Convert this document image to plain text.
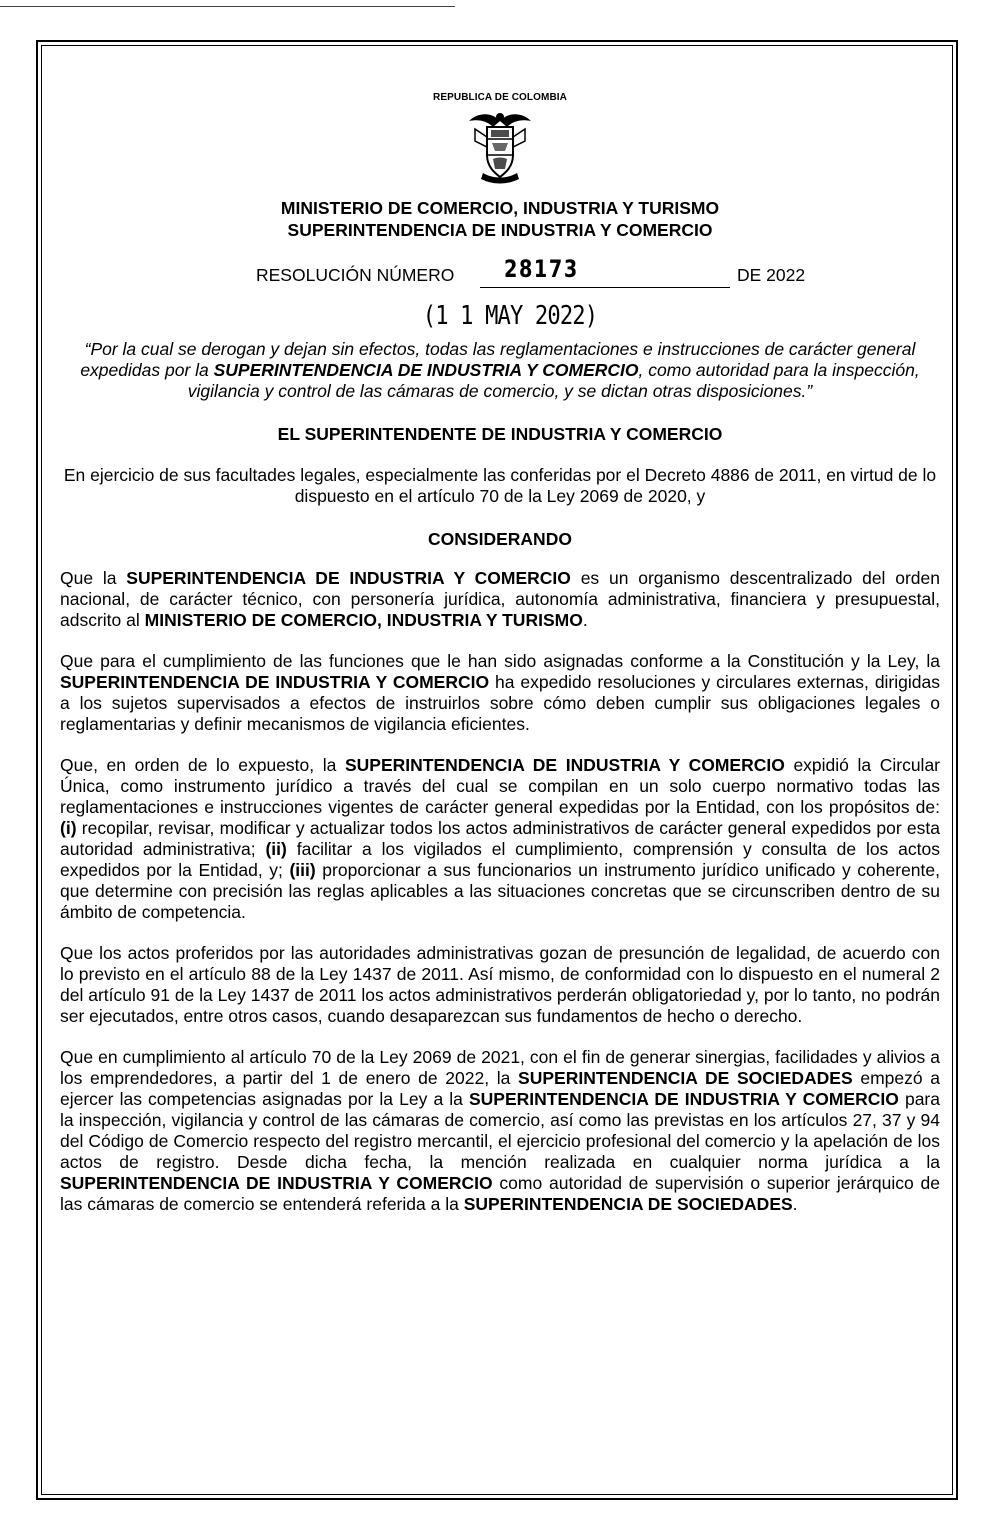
REPUBLICA DE COLOMBIA
MINISTERIO DE COMERCIO, INDUSTRIA Y TURISMO
SUPERINTENDENCIA DE INDUSTRIA Y COMERCIO
RESOLUCIÓN NÚMERO 28173	DE 2022
(1 1 MAY 2022)
“Por la cual se derogan y dejan sin efectos, todas las reglamentaciones e instrucciones de carácter general expedidas por la SUPERINTENDENCIA DE INDUSTRIA Y COMERCIO, como autoridad para la inspección, vigilancia y control de las cámaras de comercio, y se dictan otras disposiciones.”
EL SUPERINTENDENTE DE INDUSTRIA Y COMERCIO
En ejercicio de sus facultades legales, especialmente las conferidas por el Decreto 4886 de 2011, en virtud de lo dispuesto en el artículo 70 de la Ley 2069 de 2020, y
CONSIDERANDO
Que la SUPERINTENDENCIA DE INDUSTRIA Y COMERCIO es un organismo descentralizado del orden nacional, de carácter técnico, con personería jurídica, autonomía administrativa, financiera y presupuestal, adscrito al MINISTERIO DE COMERCIO, INDUSTRIA Y TURISMO.
Que para el cumplimiento de las funciones que le han sido asignadas conforme a la Constitución y la Ley, la SUPERINTENDENCIA DE INDUSTRIA Y COMERCIO ha expedido resoluciones y circulares externas, dirigidas a los sujetos supervisados a efectos de instruirlos sobre cómo deben cumplir sus obligaciones legales o reglamentarias y definir mecanismos de vigilancia eficientes.
Que, en orden de lo expuesto, la SUPERINTENDENCIA DE INDUSTRIA Y COMERCIO expidió la Circular Única, como instrumento jurídico a través del cual se compilan en un solo cuerpo normativo todas las reglamentaciones e instrucciones vigentes de carácter general expedidas por la Entidad, con los propósitos de: (i) recopilar, revisar, modificar y actualizar todos los actos administrativos de carácter general expedidos por esta autoridad administrativa; (ii) facilitar a los vigilados el cumplimiento, comprensión y consulta de los actos expedidos por la Entidad, y; (iii) proporcionar a sus funcionarios un instrumento jurídico unificado y coherente, que determine con precisión las reglas aplicables a las situaciones concretas que se circunscriben dentro de su ámbito de competencia.
Que los actos proferidos por las autoridades administrativas gozan de presunción de legalidad, de acuerdo con lo previsto en el artículo 88 de la Ley 1437 de 2011. Así mismo, de conformidad con lo dispuesto en el numeral 2 del artículo 91 de la Ley 1437 de 2011 los actos administrativos perderán obligatoriedad y, por lo tanto, no podrán ser ejecutados, entre otros casos, cuando desaparezcan sus fundamentos de hecho o derecho.
Que en cumplimiento al artículo 70 de la Ley 2069 de 2021, con el fin de generar sinergias, facilidades y alivios a los emprendedores, a partir del 1 de enero de 2022, la SUPERINTENDENCIA DE SOCIEDADES empezó a ejercer las competencias asignadas por la Ley a la SUPERINTENDENCIA DE INDUSTRIA Y COMERCIO para la inspección, vigilancia y control de las cámaras de comercio, así como las previstas en los artículos 27, 37 y 94 del Código de Comercio respecto del registro mercantil, el ejercicio profesional del comercio y la apelación de los actos de registro. Desde dicha fecha, la mención realizada en cualquier norma jurídica a la SUPERINTENDENCIA DE INDUSTRIA Y COMERCIO como autoridad de supervisión o superior jerárquico de las cámaras de comercio se entenderá referida a la SUPERINTENDENCIA DE SOCIEDADES.
